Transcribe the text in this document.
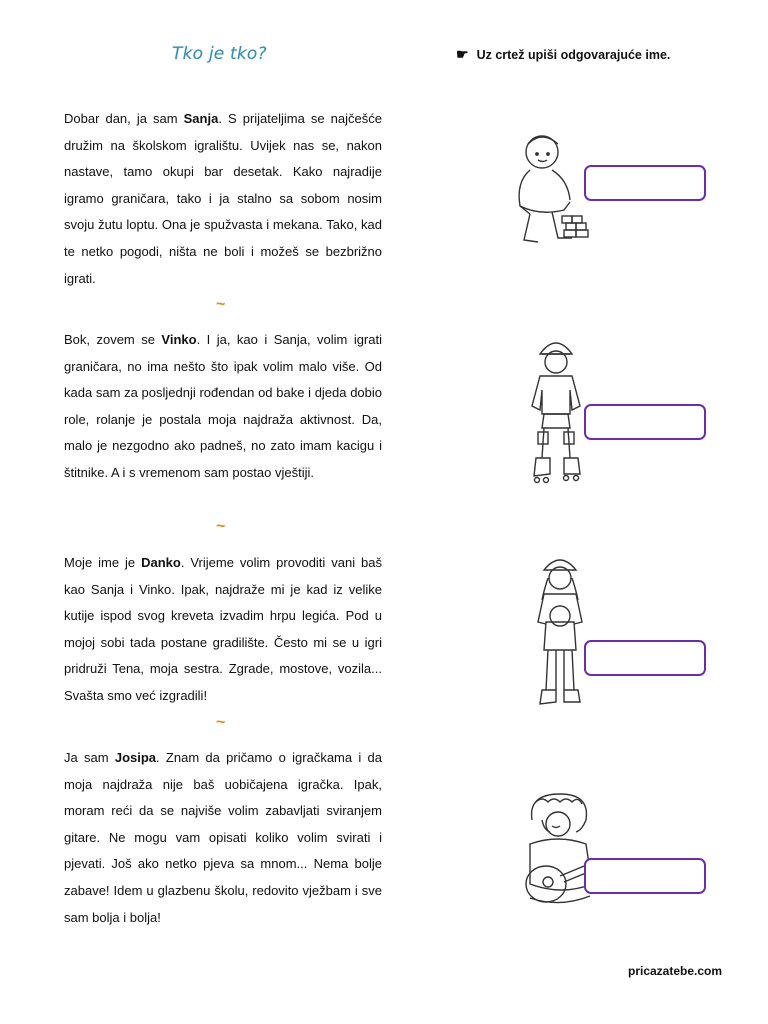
Tko je tko?	☛ Uz crtež upiši odgovarajuće ime.
Dobar dan, ja sam Sanja. S prijateljima se najčešće družim na školskom igralištu. Uvijek nas se, nakon nastave, tamo okupi bar desetak. Kako najradije igramo graničara, tako i ja stalno sa sobom nosim svoju žutu loptu. Ona je spužvasta i mekana. Tako, kad te netko pogodi, ništa ne boli i možeš se bezbrižno igrati.
~
Bok, zovem se Vinko. I ja, kao i Sanja, volim igrati graničara, no ima nešto što ipak volim malo više. Od kada sam za posljednji rođendan od bake i djeda dobio role, rolanje je postala moja najdraža aktivnost. Da, malo je nezgodno ako padneš, no zato imam kacigu i štitnike. A i s vremenom sam postao vještiji.
~
Moje ime je Danko. Vrijeme volim provoditi vani baš kao Sanja i Vinko. Ipak, najdraže mi je kad iz velike kutije ispod svog kreveta izvadim hrpu legića. Pod u mojoj sobi tada postane gradilište. Često mi se u igri pridruži Tena, moja sestra. Zgrade, mostove, vozila... Svašta smo već izgradili!
~
Ja sam Josipa. Znam da pričamo o igračkama i da moja najdraža nije baš uobičajena igračka. Ipak, moram reći da se najviše volim zabavljati sviranjem gitare. Ne mogu vam opisati koliko volim svirati i pjevati. Još ako netko pjeva sa mnom... Nema bolje zabave! Idem u glazbenu školu, redovito vježbam i sve sam bolja i bolja!
pricazatebe.com
